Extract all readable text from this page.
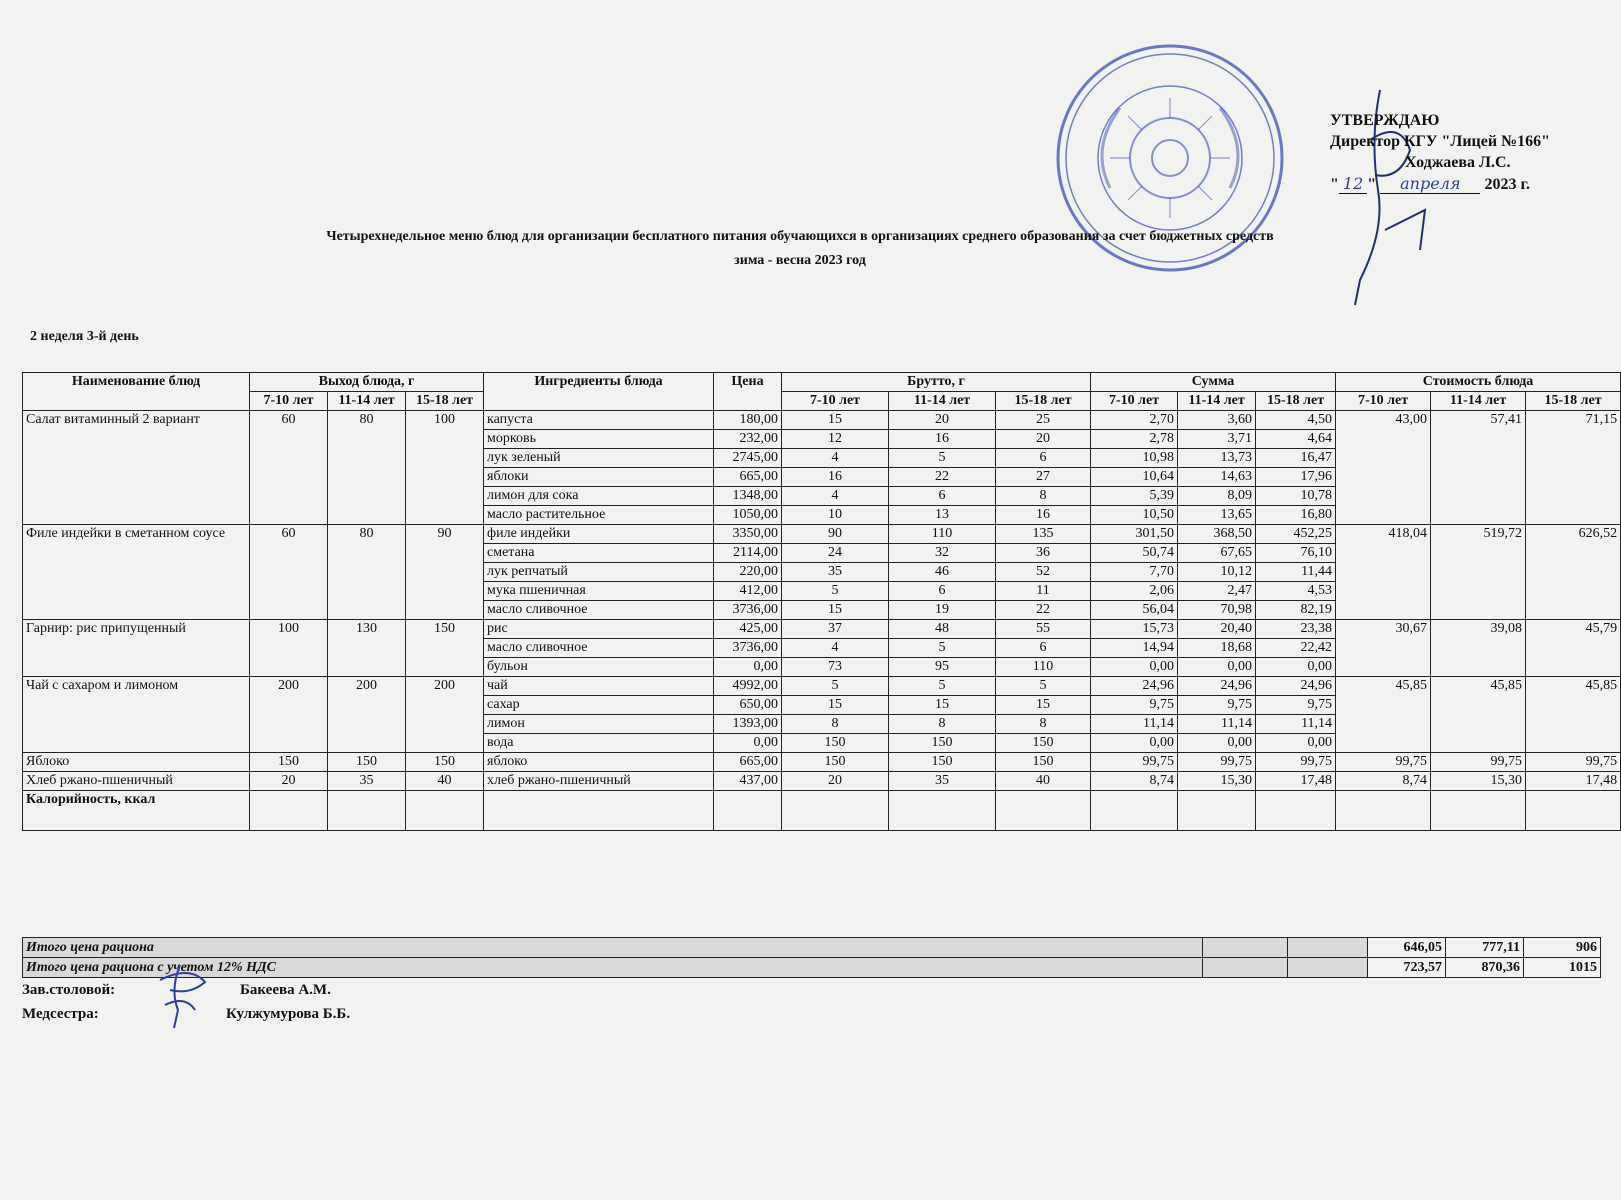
УТВЕРЖДАЮ
Директор КГУ "Лицей №166"
Ходжаева Л.С.
" 12 " апреля 2023 г.
Четырехнедельное меню блюд для организации бесплатного питания обучающихся в организациях среднего образования за счет бюджетных средств
зима - весна 2023 год
2 неделя 3-й день
Наименование блюд	Выход блюда, г			Ингредиенты блюда	Цена	Брутто, г			Сумма			Стоимость блюда		
	7-10 лет	11-14 лет	15-18 лет			7-10 лет	11-14 лет	15-18 лет	7-10 лет	11-14 лет	15-18 лет	7-10 лет	11-14 лет	15-18 лет
Салат витаминный 2 вариант	60	80	100	капуста	180,00	15	20	25	2,70	3,60	4,50	43,00	57,41	71,15
				морковь	232,00	12	16	20	2,78	3,71	4,64			
				лук зеленый	2745,00	4	5	6	10,98	13,73	16,47			
				яблоки	665,00	16	22	27	10,64	14,63	17,96			
				лимон для сока	1348,00	4	6	8	5,39	8,09	10,78			
				масло растительное	1050,00	10	13	16	10,50	13,65	16,80			
Филе индейки в сметанном соусе	60	80	90	филе индейки	3350,00	90	110	135	301,50	368,50	452,25	418,04	519,72	626,52
				сметана	2114,00	24	32	36	50,74	67,65	76,10			
				лук репчатый	220,00	35	46	52	7,70	10,12	11,44			
				мука пшеничная	412,00	5	6	11	2,06	2,47	4,53			
				масло сливочное	3736,00	15	19	22	56,04	70,98	82,19			
Гарнир: рис припущенный	100	130	150	рис	425,00	37	48	55	15,73	20,40	23,38	30,67	39,08	45,79
				масло сливочное	3736,00	4	5	6	14,94	18,68	22,42			
				бульон	0,00	73	95	110	0,00	0,00	0,00			
Чай с сахаром и лимоном	200	200	200	чай	4992,00	5	5	5	24,96	24,96	24,96	45,85	45,85	45,85
				сахар	650,00	15	15	15	9,75	9,75	9,75			
				лимон	1393,00	8	8	8	11,14	11,14	11,14			
				вода	0,00	150	150	150	0,00	0,00	0,00			
Яблоко	150	150	150	яблоко	665,00	150	150	150	99,75	99,75	99,75	99,75	99,75	99,75
Хлеб ржано-пшеничный	20	35	40	хлеб ржано-пшеничный	437,00	20	35	40	8,74	15,30	17,48	8,74	15,30	17,48
Калорийность, ккал														
Итого цена рациона			646,05	777,11	906
Итого цена рациона с учетом 12% НДС			723,57	870,36	1015
Зав.столовой:	Бакеева А.М.
Медсестра:	Кулжумурова Б.Б.
